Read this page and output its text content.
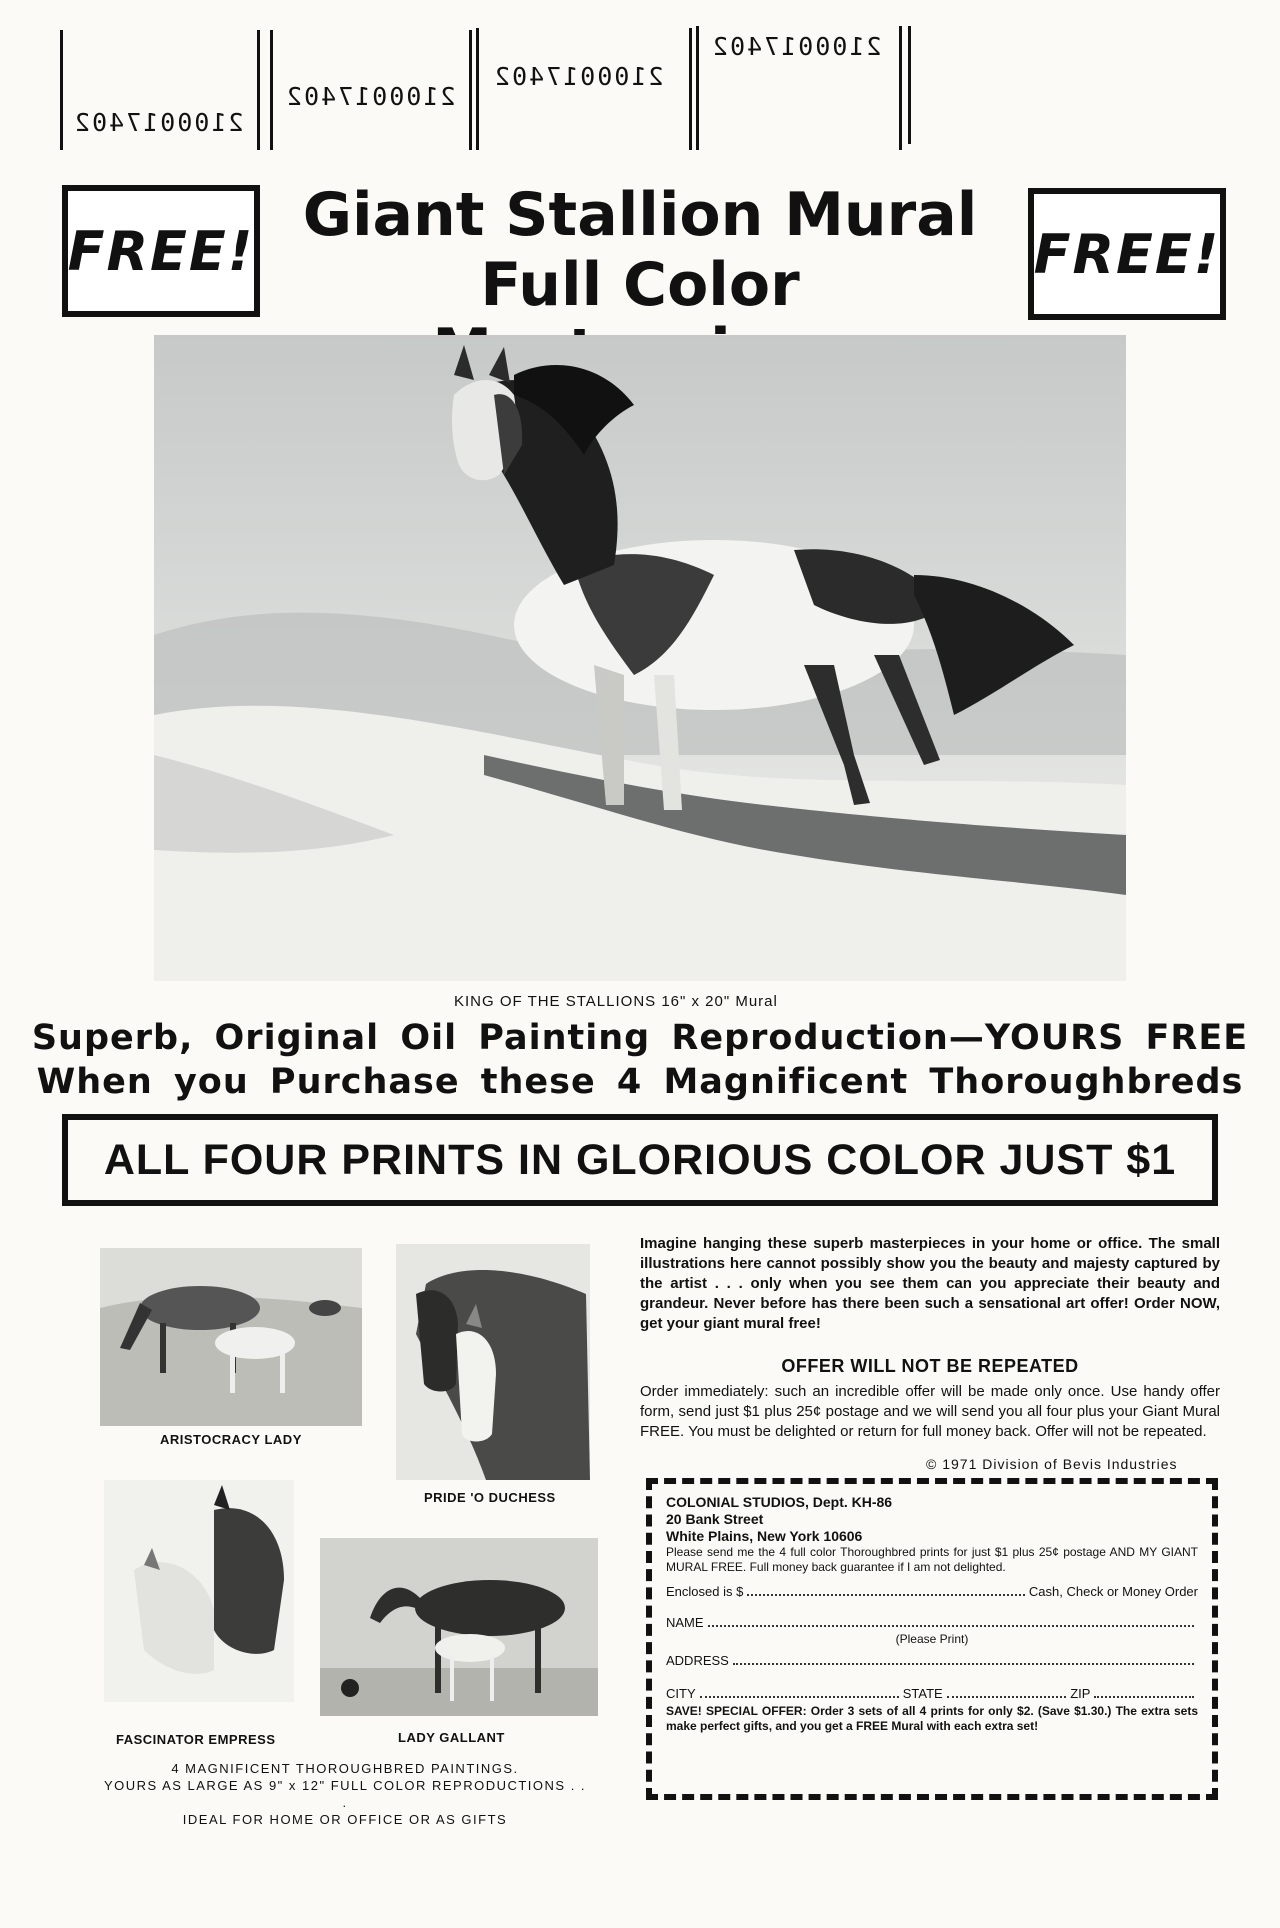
2100017402
2100017402
2100017402
2100017402
FREE!	FREE!
Giant Stallion Mural
Full Color
KING OF THE STALLIONS 16" x 20" Mural
Superb, Original Oil Painting Reproduction—YOURS FREE
When you Purchase these 4 Magnificent Thoroughbreds
ALL FOUR PRINTS IN GLORIOUS COLOR JUST $1
ARISTOCRACY LADY
PRIDE 'O DUCHESS
FASCINATOR EMPRESS	LADY GALLANT
4 MAGNIFICENT THOROUGHBRED PAINTINGS.
YOURS AS LARGE AS 9" x 12" FULL COLOR REPRODUCTIONS . . .
IDEAL FOR HOME OR OFFICE OR AS GIFTS
Imagine hanging these superb masterpieces in your home or office. The small illustrations here cannot possibly show you the beauty and majesty captured by the artist . . . only when you see them can you appreciate their beauty and grandeur. Never before has there been such a sensational art offer! Order NOW, get your giant mural free!
OFFER WILL NOT BE REPEATED
Order immediately: such an incredible offer will be made only once. Use handy offer form, send just $1 plus 25¢ postage and we will send you all four plus your Giant Mural FREE. You must be delighted or return for full money back. Offer will not be repeated.
© 1971 Division of Bevis Industries
COLONIAL STUDIOS, Dept. KH-86
20 Bank Street
White Plains, New York 10606
Please send me the 4 full color Thoroughbred prints for just $1 plus 25¢ postage AND MY GIANT MURAL FREE. Full money back guarantee if I am not delighted.
Enclosed is $	Cash, Check or Money Order
NAME
(Please Print)
ADDRESS
CITY	STATE	ZIP
SAVE! SPECIAL OFFER: Order 3 sets of all 4 prints for only $2. (Save $1.30.) The extra sets make perfect gifts, and you get a FREE Mural with each extra set!
